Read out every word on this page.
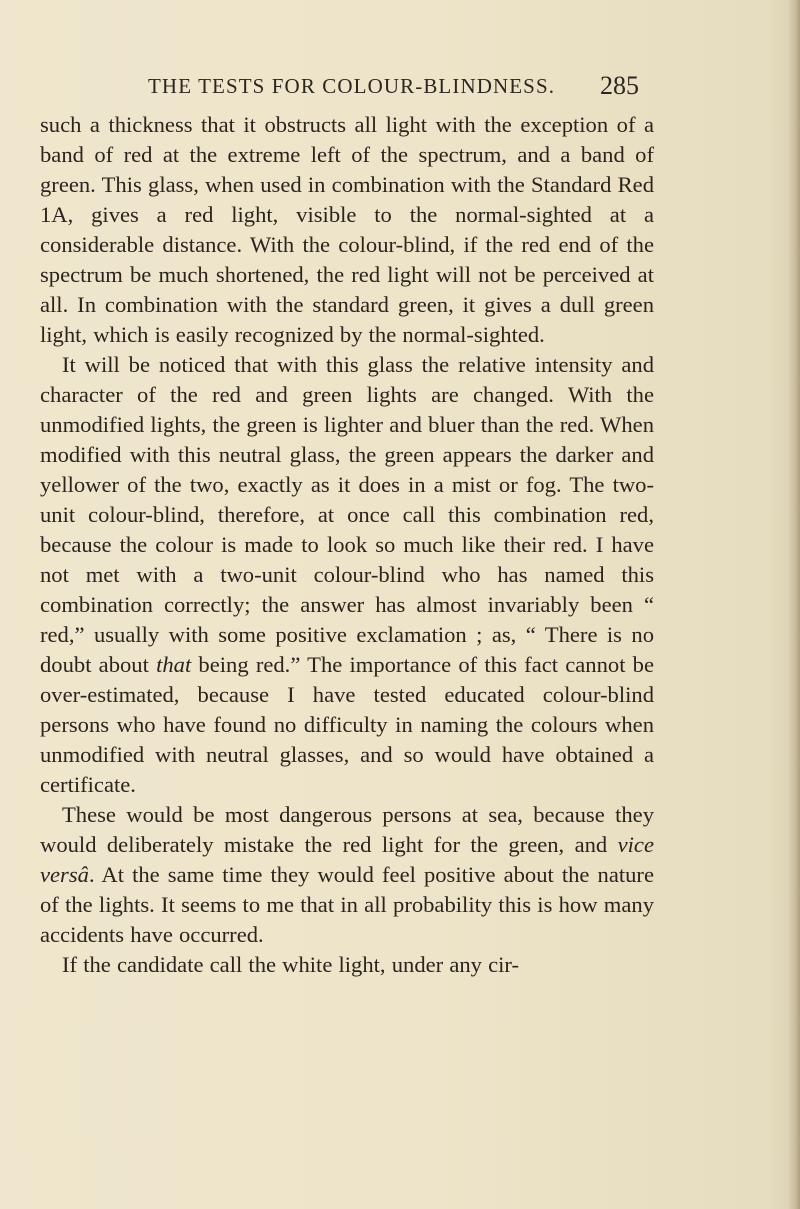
THE TESTS FOR COLOUR-BLINDNESS. 285

such a thickness that it obstructs all light with the exception of a band of red at the extreme left of the spectrum, and a band of green. This glass, when used in combination with the Standard Red 1A, gives a red light, visible to the normal-sighted at a considerable distance. With the colour-blind, if the red end of the spectrum be much shortened, the red light will not be perceived at all. In combination with the standard green, it gives a dull green light, which is easily recognized by the normal-sighted.

It will be noticed that with this glass the relative intensity and character of the red and green lights are changed. With the unmodified lights, the green is lighter and bluer than the red. When modified with this neutral glass, the green appears the darker and yellower of the two, exactly as it does in a mist or fog. The two-unit colour-blind, therefore, at once call this combination red, because the colour is made to look so much like their red. I have not met with a two-unit colour-blind who has named this combination correctly; the answer has almost invariably been “ red,” usually with some positive exclamation ; as, “ There is no doubt about that being red.” The importance of this fact cannot be over-estimated, because I have tested educated colour-blind persons who have found no difficulty in naming the colours when unmodified with neutral glasses, and so would have obtained a certificate.

These would be most dangerous persons at sea, because they would deliberately mistake the red light for the green, and vice versâ. At the same time they would feel positive about the nature of the lights. It seems to me that in all probability this is how many accidents have occurred.

If the candidate call the white light, under any cir-
